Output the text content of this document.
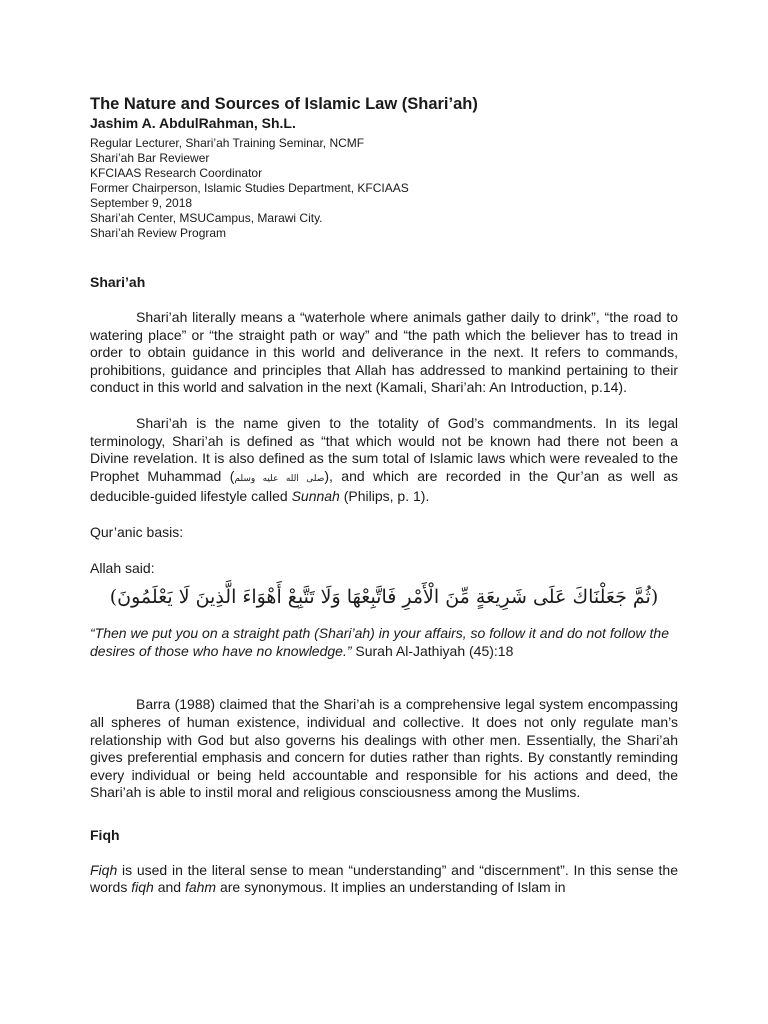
The Nature and Sources of Islamic Law (Shari’ah)

Jashim A. AbdulRahman, Sh.L.

Regular Lecturer, Shari’ah Training Seminar, NCMF

Shari’ah Bar Reviewer

KFCIAAS Research Coordinator

Former Chairperson, Islamic Studies Department, KFCIAAS

September 9, 2018

Shari’ah Center, MSUCampus, Marawi City.

Shari’ah Review Program

Shari’ah

Shari’ah literally means a “waterhole where animals gather daily to drink”, “the road to watering place” or “the straight path or way” and “the path which the believer has to tread in order to obtain guidance in this world and deliverance in the next. It refers to commands, prohibitions, guidance and principles that Allah has addressed to mankind pertaining to their conduct in this world and salvation in the next (Kamali, Shari’ah: An Introduction, p.14).

Shari’ah is the name given to the totality of God’s commandments. In its legal terminology, Shari’ah is defined as “that which would not be known had there not been a Divine revelation. It is also defined as the sum total of Islamic laws which were revealed to the Prophet Muhammad (صلى الله عليه وسلم), and which are recorded in the Qur’an as well as deducible-guided lifestyle called Sunnah (Philips, p. 1).

Qur’anic basis:

Allah said:

(ثُمَّ جَعَلْنَاكَ عَلَى شَرِيعَةٍ مِّنَ الْأَمْرِ فَاتَّبِعْهَا وَلَا تَتَّبِعْ أَهْوَاءَ الَّذِينَ لَا يَعْلَمُونَ)

“Then we put you on a straight path (Shari’ah) in your affairs, so follow it and do not follow the desires of those who have no knowledge.” Surah Al-Jathiyah (45):18

Barra (1988) claimed that the Shari’ah is a comprehensive legal system encompassing all spheres of human existence, individual and collective. It does not only regulate man’s relationship with God but also governs his dealings with other men. Essentially, the Shari’ah gives preferential emphasis and concern for duties rather than rights. By constantly reminding every individual or being held accountable and responsible for his actions and deed, the Shari’ah is able to instil moral and religious consciousness among the Muslims.

Fiqh

Fiqh is used in the literal sense to mean “understanding” and “discernment”. In this sense the words fiqh and fahm are synonymous. It implies an understanding of Islam in
